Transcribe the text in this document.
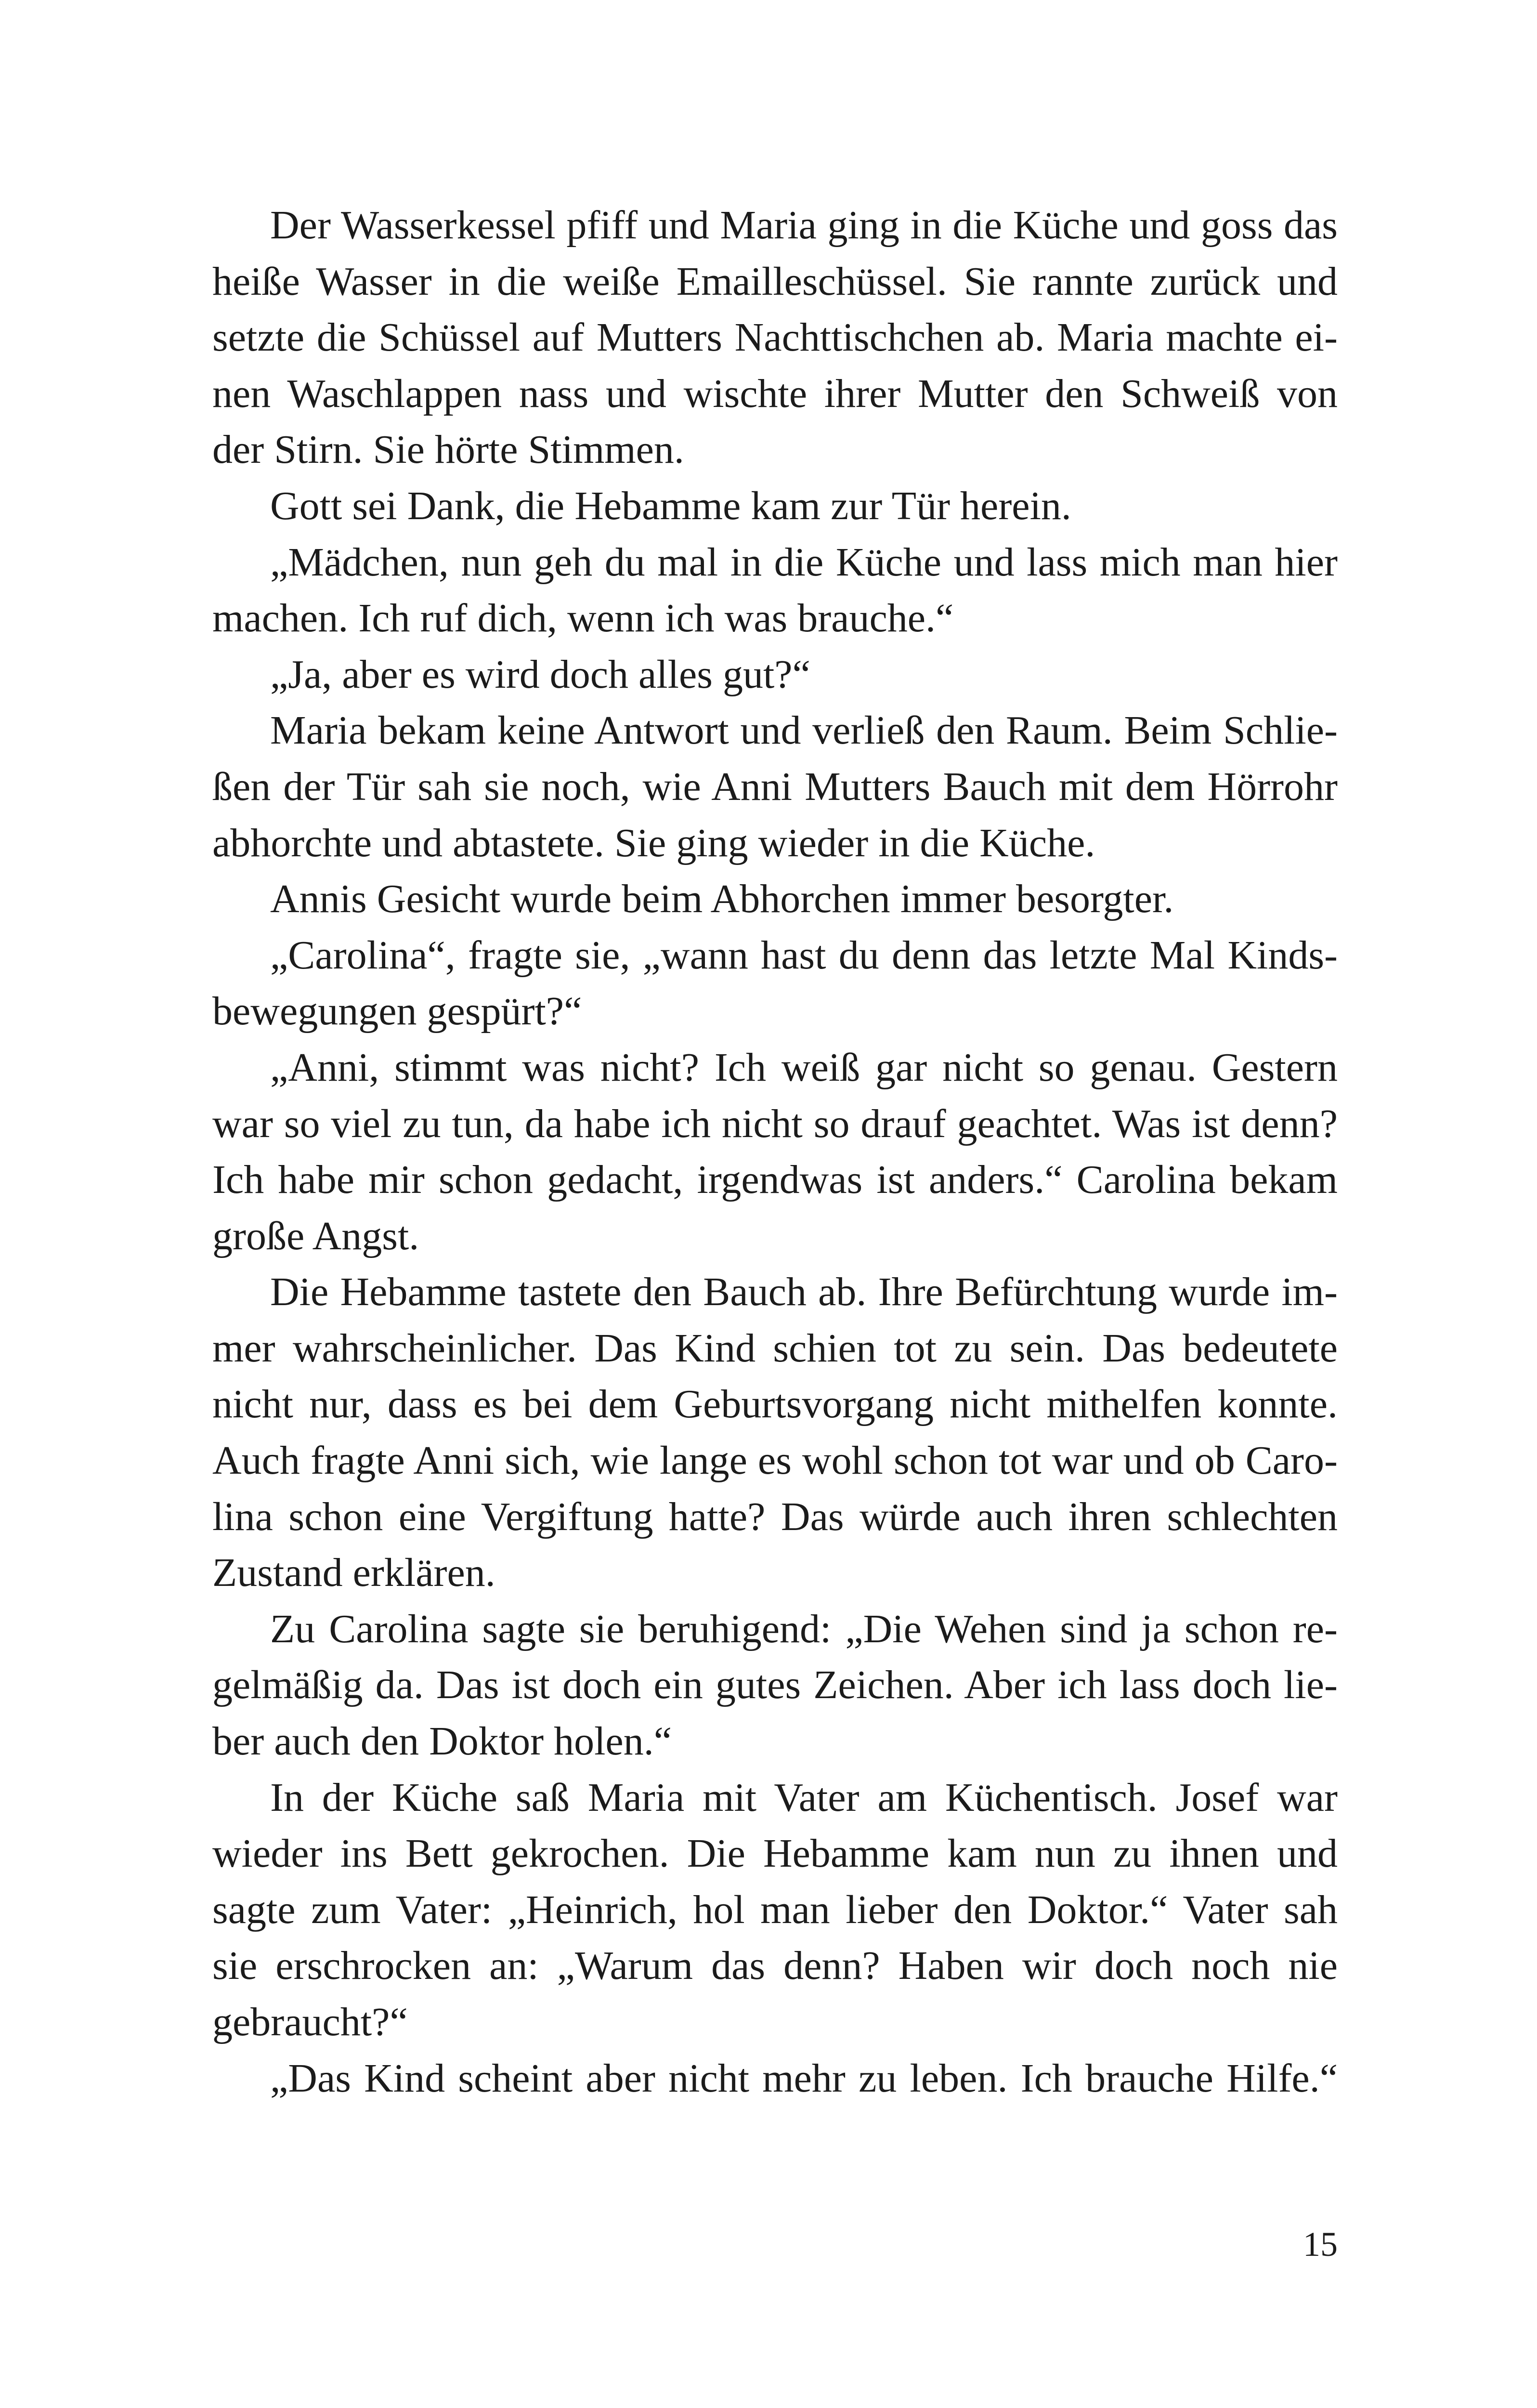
Der Wasserkessel pfiff und Maria ging in die Küche und goss das
heiße Wasser in die weiße Emailleschüssel. Sie rannte zurück und
setzte die Schüssel auf Mutters Nachttischchen ab. Maria machte ei-
nen Waschlappen nass und wischte ihrer Mutter den Schweiß von
der Stirn. Sie hörte Stimmen.
Gott sei Dank, die Hebamme kam zur Tür herein.
„Mädchen, nun geh du mal in die Küche und lass mich man hier
machen. Ich ruf dich, wenn ich was brauche.“
„Ja, aber es wird doch alles gut?“
Maria bekam keine Antwort und verließ den Raum. Beim Schlie-
ßen der Tür sah sie noch, wie Anni Mutters Bauch mit dem Hörrohr
abhorchte und abtastete. Sie ging wieder in die Küche.
Annis Gesicht wurde beim Abhorchen immer besorgter.
„Carolina“, fragte sie, „wann hast du denn das letzte Mal Kinds-
bewegungen gespürt?“
„Anni, stimmt was nicht? Ich weiß gar nicht so genau. Gestern
war so viel zu tun, da habe ich nicht so drauf geachtet. Was ist denn?
Ich habe mir schon gedacht, irgendwas ist anders.“ Carolina bekam
große Angst.
Die Hebamme tastete den Bauch ab. Ihre Befürchtung wurde im-
mer wahrscheinlicher. Das Kind schien tot zu sein. Das bedeutete
nicht nur, dass es bei dem Geburtsvorgang nicht mithelfen konnte.
Auch fragte Anni sich, wie lange es wohl schon tot war und ob Caro-
lina schon eine Vergiftung hatte? Das würde auch ihren schlechten
Zustand erklären.
Zu Carolina sagte sie beruhigend: „Die Wehen sind ja schon re-
gelmäßig da. Das ist doch ein gutes Zeichen. Aber ich lass doch lie-
ber auch den Doktor holen.“
In der Küche saß Maria mit Vater am Küchentisch. Josef war
wieder ins Bett gekrochen. Die Hebamme kam nun zu ihnen und
sagte zum Vater: „Heinrich, hol man lieber den Doktor.“ Vater sah
sie erschrocken an: „Warum das denn? Haben wir doch noch nie
gebraucht?“
„Das Kind scheint aber nicht mehr zu leben. Ich brauche Hilfe.“
15
